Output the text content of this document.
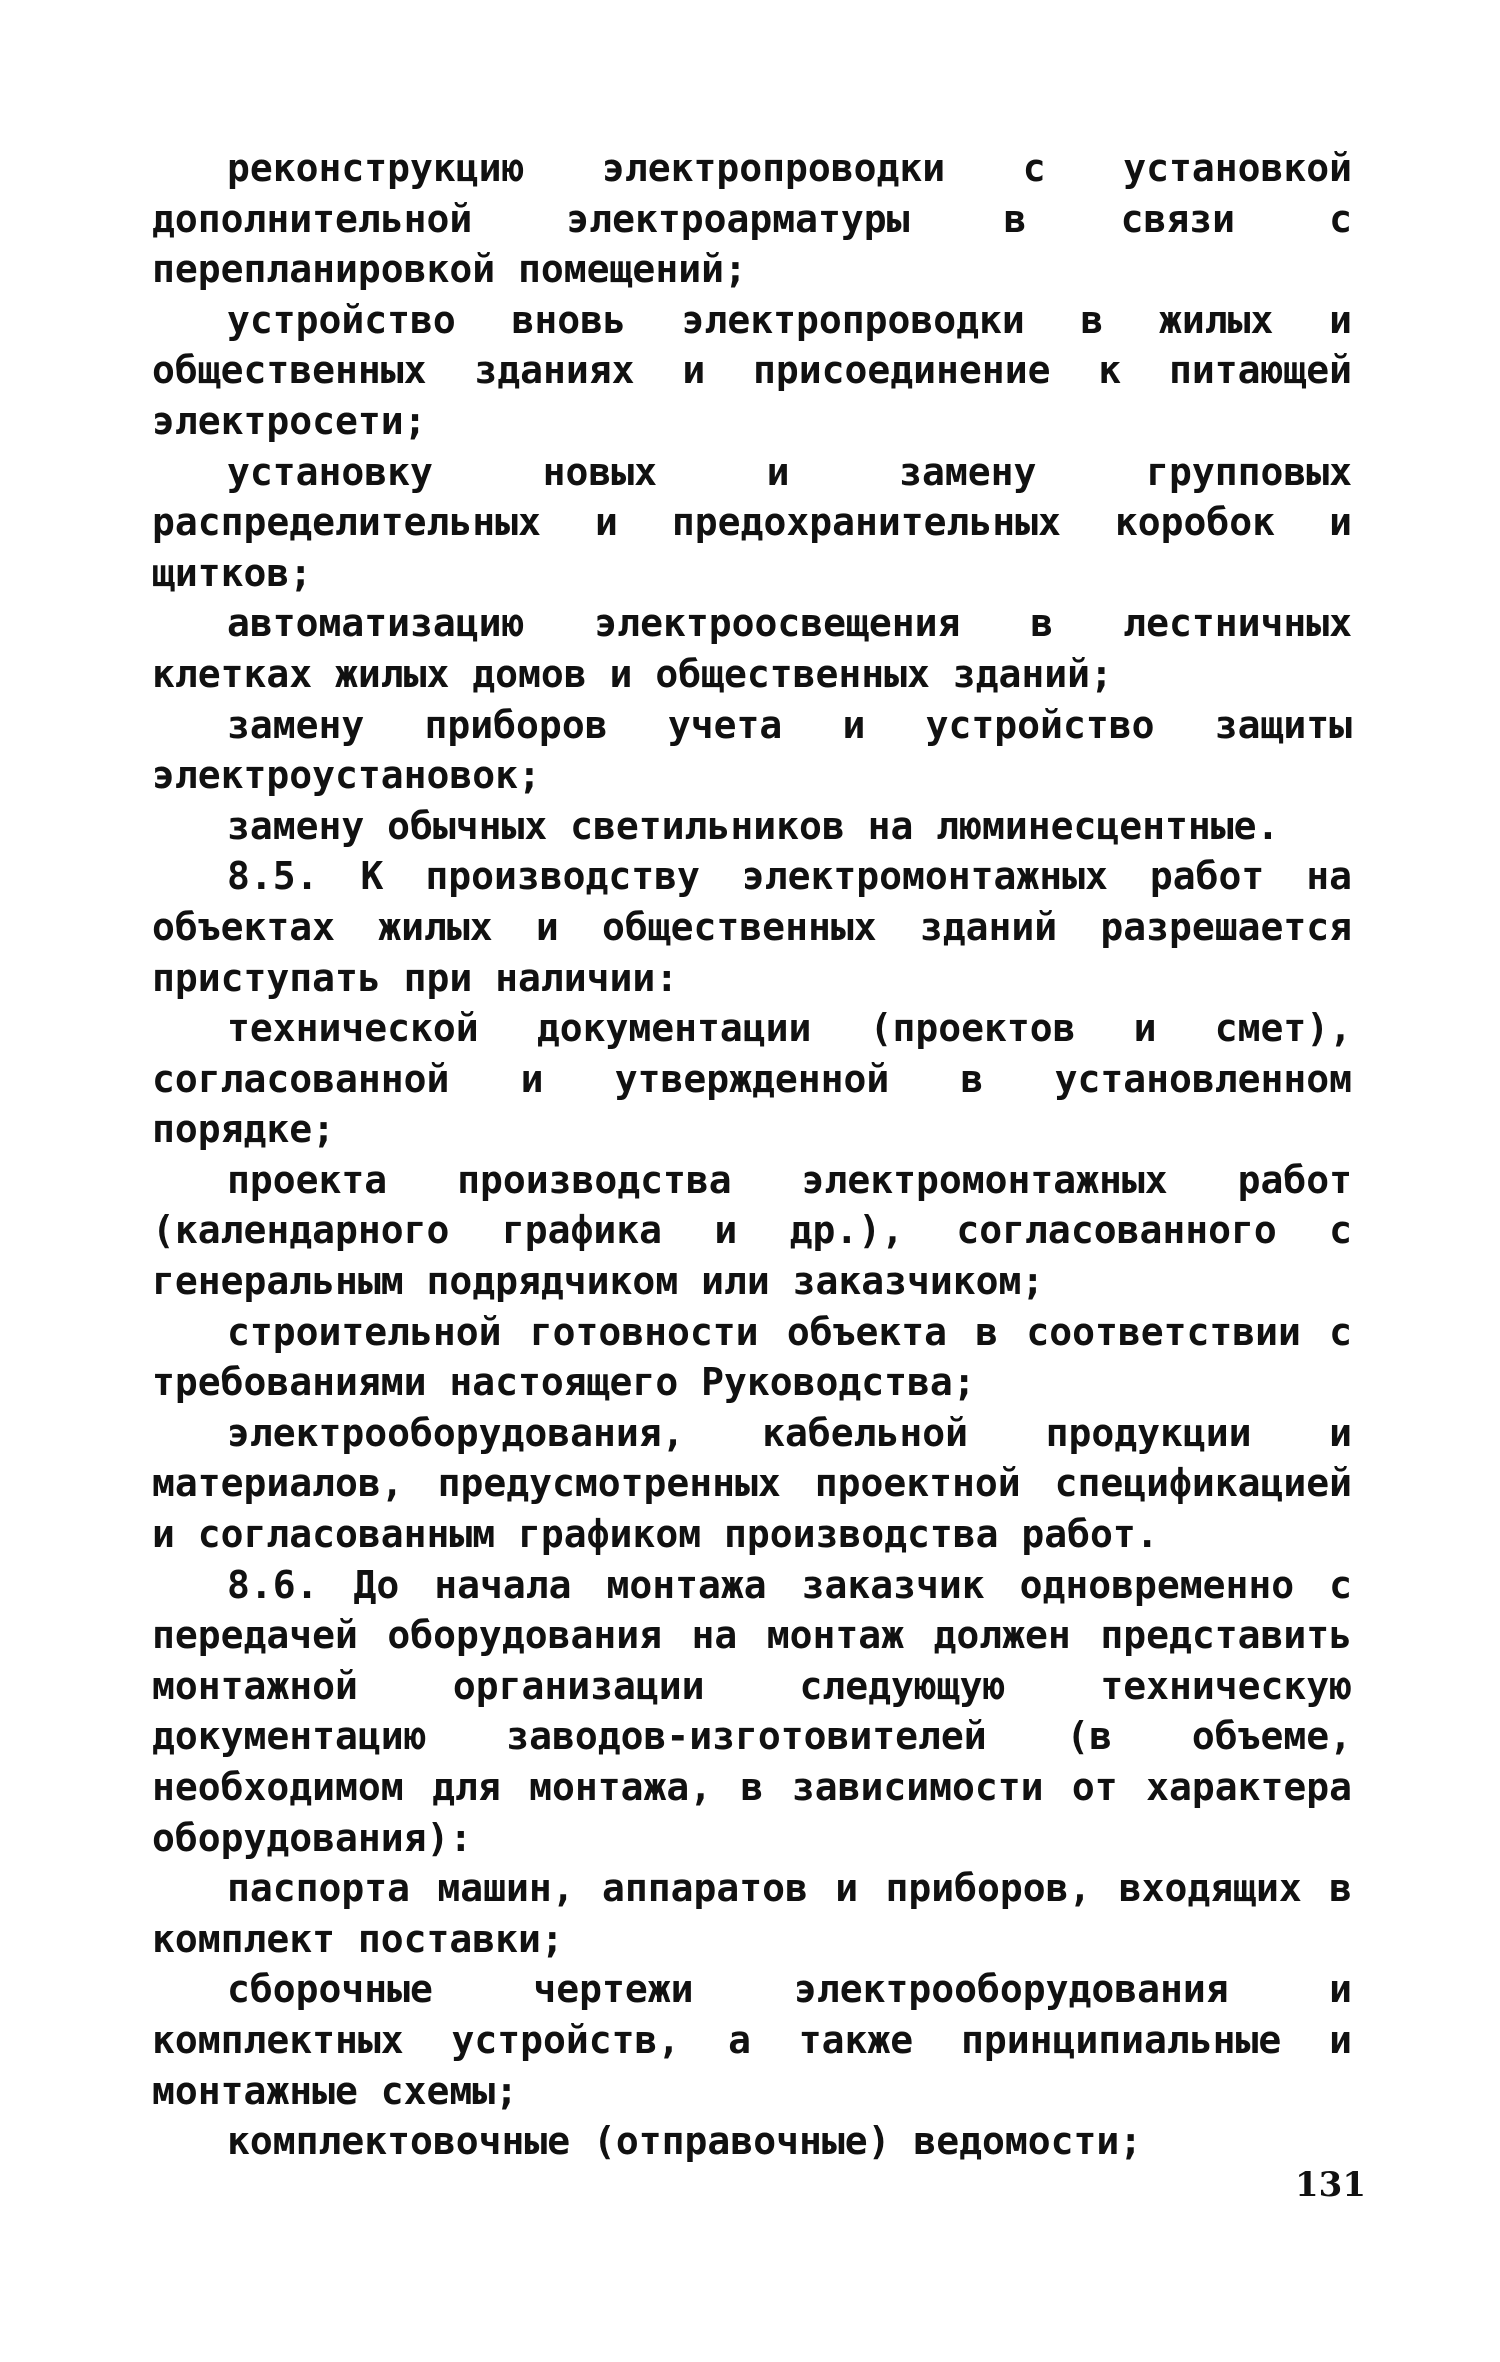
реконструкцию электропроводки с установкой дополнительной электроарматуры в связи с перепланировкой помещений;

устройство вновь электропроводки в жилых и общественных зданиях и присоединение к питающей электросети;

установку новых и замену групповых распределительных и предохранительных коробок и щитков;

автоматизацию электроосвещения в лестничных клетках жилых домов и общественных зданий;

замену приборов учета и устройство защиты электроустановок;

замену обычных светильников на люминесцентные.

8.5. К производству электромонтажных работ на объектах жилых и общественных зданий разрешается приступать при наличии:

технической документации (проектов и смет), согласованной и утвержденной в установленном порядке;

проекта производства электромонтажных работ (календарного графика и др.), согласованного с генеральным подрядчиком или заказчиком;

строительной готовности объекта в соответствии с требованиями настоящего Руководства;

электрооборудования, кабельной продукции и материалов, предусмотренных проектной спецификацией и согласованным графиком производства работ.

8.6. До начала монтажа заказчик одновременно с передачей оборудования на монтаж должен представить монтажной организации следующую техническую документацию заводов-изготовителей (в объеме, необходимом для монтажа, в зависимости от характера оборудования):

паспорта машин, аппаратов и приборов, входящих в комплект поставки;

сборочные чертежи электрооборудования и комплектных устройств, а также принципиальные и монтажные схемы;

комплектовочные (отправочные) ведомости;

131
